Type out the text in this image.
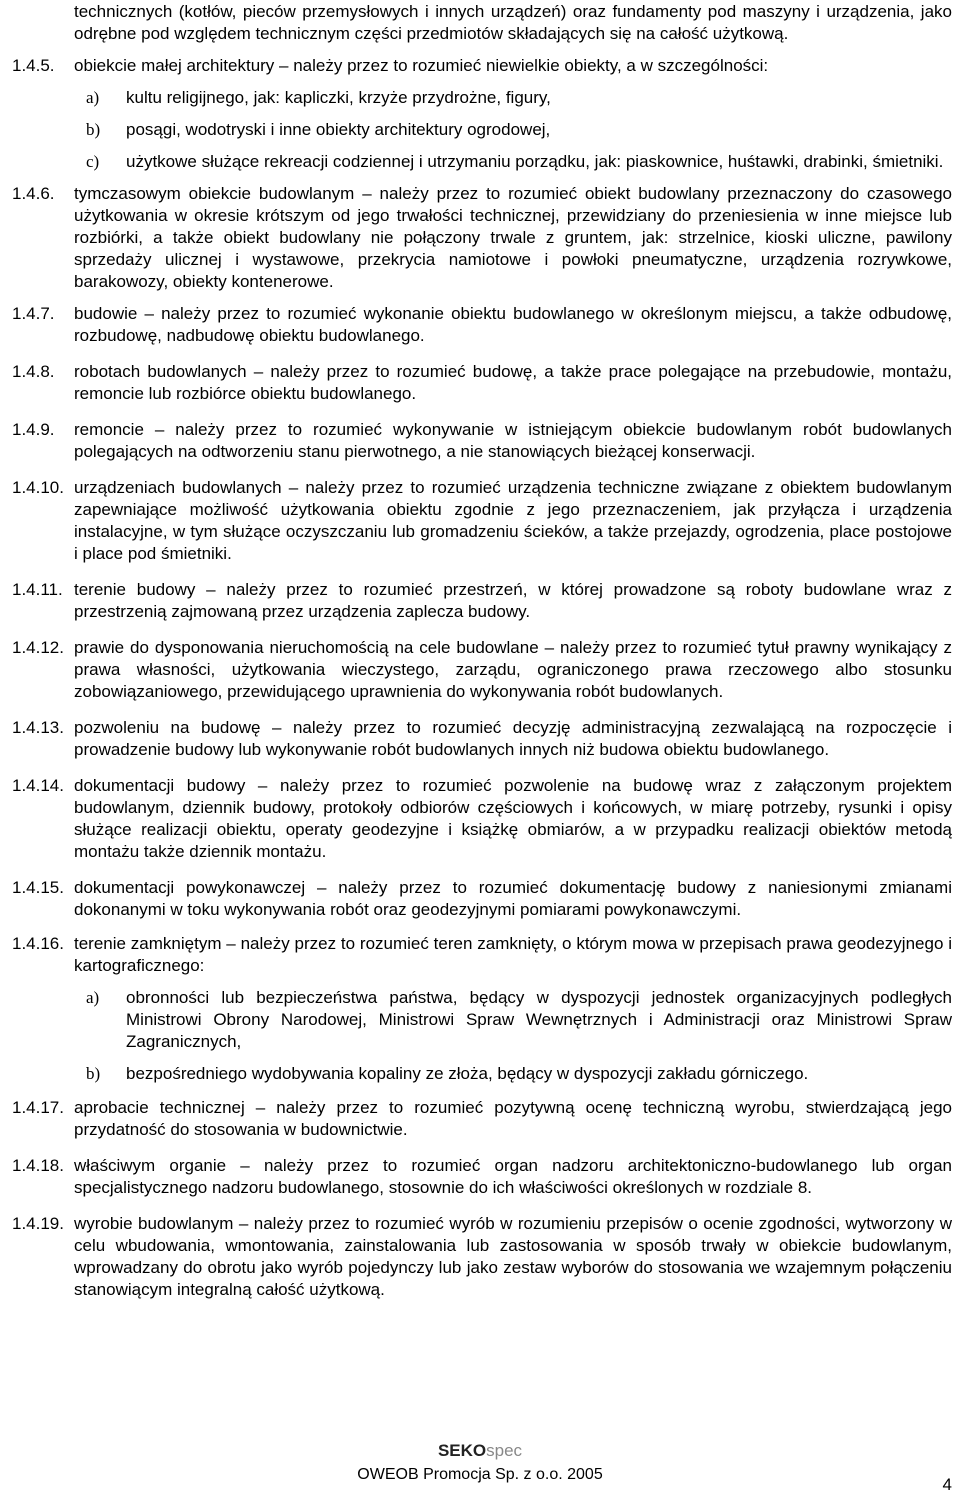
technicznych (kotłów, pieców przemysłowych i innych urządzeń) oraz fundamenty pod maszyny i urządzenia, jako odrębne pod względem technicznym części przedmiotów składających się na całość użytkową.
1.4.5.	obiekcie małej architektury – należy przez to rozumieć niewielkie obiekty, a w szczególności:
a)	kultu religijnego, jak: kapliczki, krzyże przydrożne, figury,
b)	posągi, wodotryski i inne obiekty architektury ogrodowej,
c)	użytkowe służące rekreacji codziennej i utrzymaniu porządku, jak: piaskownice, huśtawki, drabinki, śmietniki.
1.4.6.	tymczasowym obiekcie budowlanym – należy przez to rozumieć obiekt budowlany przeznaczony do czasowego użytkowania w okresie krótszym od jego trwałości technicznej, przewidziany do przeniesienia w inne miejsce lub rozbiórki, a także obiekt budowlany nie połączony trwale z gruntem, jak: strzelnice, kioski uliczne, pawilony sprzedaży ulicznej i wystawowe, przekrycia namiotowe i powłoki pneumatyczne, urządzenia rozrywkowe, barakowozy, obiekty kontenerowe.
1.4.7.	budowie – należy przez to rozumieć wykonanie obiektu budowlanego w określonym miejscu, a także odbudowę, rozbudowę, nadbudowę obiektu budowlanego.
1.4.8.	robotach budowlanych – należy przez to rozumieć budowę, a także prace polegające na przebudowie, montażu, remoncie lub rozbiórce obiektu budowlanego.
1.4.9.	remoncie – należy przez to rozumieć wykonywanie w istniejącym obiekcie budowlanym robót budowlanych polegających na odtworzeniu stanu pierwotnego, a nie stanowiących bieżącej konserwacji.
1.4.10. urządzeniach budowlanych – należy przez to rozumieć urządzenia techniczne związane z obiektem budowlanym zapewniające możliwość użytkowania obiektu zgodnie z jego przeznaczeniem, jak przyłącza i urządzenia instalacyjne, w tym służące oczyszczaniu lub gromadzeniu ścieków, a także przejazdy, ogrodzenia, place postojowe i place pod śmietniki.
1.4.11. terenie budowy – należy przez to rozumieć przestrzeń, w której prowadzone są roboty budowlane wraz z przestrzenią zajmowaną przez urządzenia zaplecza budowy.
1.4.12. prawie do dysponowania nieruchomością na cele budowlane – należy przez to rozumieć tytuł prawny wynikający z prawa własności, użytkowania wieczystego, zarządu, ograniczonego prawa rzeczowego albo stosunku zobowiązaniowego, przewidującego uprawnienia do wykonywania robót budowlanych.
1.4.13. pozwoleniu na budowę – należy przez to rozumieć decyzję administracyjną zezwalającą na rozpoczęcie i prowadzenie budowy lub wykonywanie robót budowlanych innych niż budowa obiektu budowlanego.
1.4.14. dokumentacji budowy – należy przez to rozumieć pozwolenie na budowę wraz z załączonym projektem budowlanym, dziennik budowy, protokoły odbiorów częściowych i końcowych, w miarę potrzeby, rysunki i opisy służące realizacji obiektu, operaty geodezyjne i książkę obmiarów, a w przypadku realizacji obiektów metodą montażu także dziennik montażu.
1.4.15. dokumentacji powykonawczej – należy przez to rozumieć dokumentację budowy z naniesionymi zmianami dokonanymi w toku wykonywania robót oraz geodezyjnymi pomiarami powykonawczymi.
1.4.16. terenie zamkniętym – należy przez to rozumieć teren zamknięty, o którym mowa w przepisach prawa geodezyjnego i kartograficznego:
a)	obronności lub bezpieczeństwa państwa, będący w dyspozycji jednostek organizacyjnych podległych Ministrowi Obrony Narodowej, Ministrowi Spraw Wewnętrznych i Administracji oraz Ministrowi Spraw Zagranicznych,
b)	bezpośredniego wydobywania kopaliny ze złoża, będący w dyspozycji zakładu górniczego.
1.4.17. aprobacie technicznej – należy przez to rozumieć pozytywną ocenę techniczną wyrobu, stwierdzającą jego przydatność do stosowania w budownictwie.
1.4.18. właściwym organie – należy przez to rozumieć organ nadzoru architektoniczno-budowlanego lub organ specjalistycznego nadzoru budowlanego, stosownie do ich właściwości określonych w rozdziale 8.
1.4.19. wyrobie budowlanym – należy przez to rozumieć wyrób w rozumieniu przepisów o ocenie zgodności, wytworzony w celu wbudowania, wmontowania, zainstalowania lub zastosowania w sposób trwały w obiekcie budowlanym, wprowadzany do obrotu jako wyrób pojedynczy lub jako zestaw wyborów do stosowania we wzajemnym połączeniu stanowiącym integralną całość użytkową.
SEKOspec
OWEOB Promocja Sp. z o.o. 2005
4
